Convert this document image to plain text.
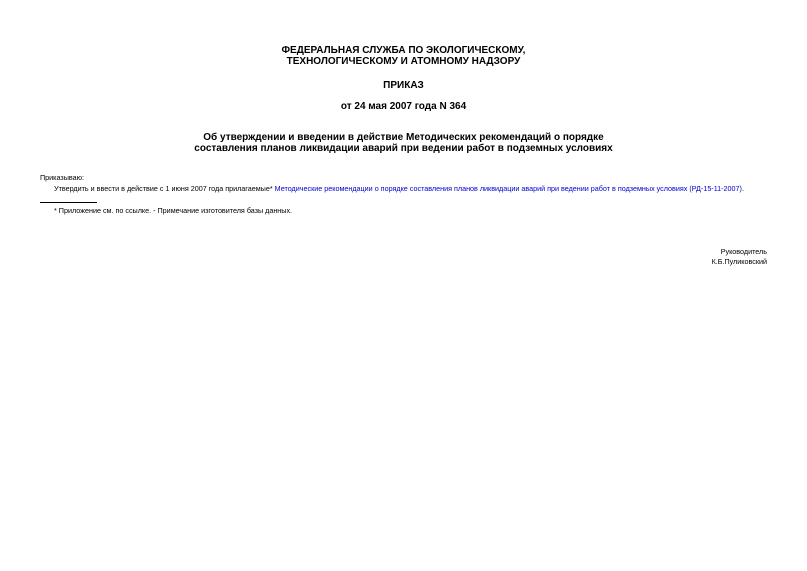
ФЕДЕРАЛЬНАЯ СЛУЖБА ПО ЭКОЛОГИЧЕСКОМУ,
ТЕХНОЛОГИЧЕСКОМУ И АТОМНОМУ НАДЗОРУ
ПРИКАЗ
от 24 мая 2007 года N 364
Об утверждении и введении в действие Методических рекомендаций о порядке
составления планов ликвидации аварий при ведении работ в подземных условиях
Приказываю:
Утвердить и ввести в действие с 1 июня 2007 года прилагаемые* Методические рекомендации о порядке составления планов ликвидации аварий при ведении работ в подземных условиях (РД-15-11-2007).
* Приложение см. по ссылке. - Примечание изготовителя базы данных.
Руководитель
К.Б.Пуликовский
